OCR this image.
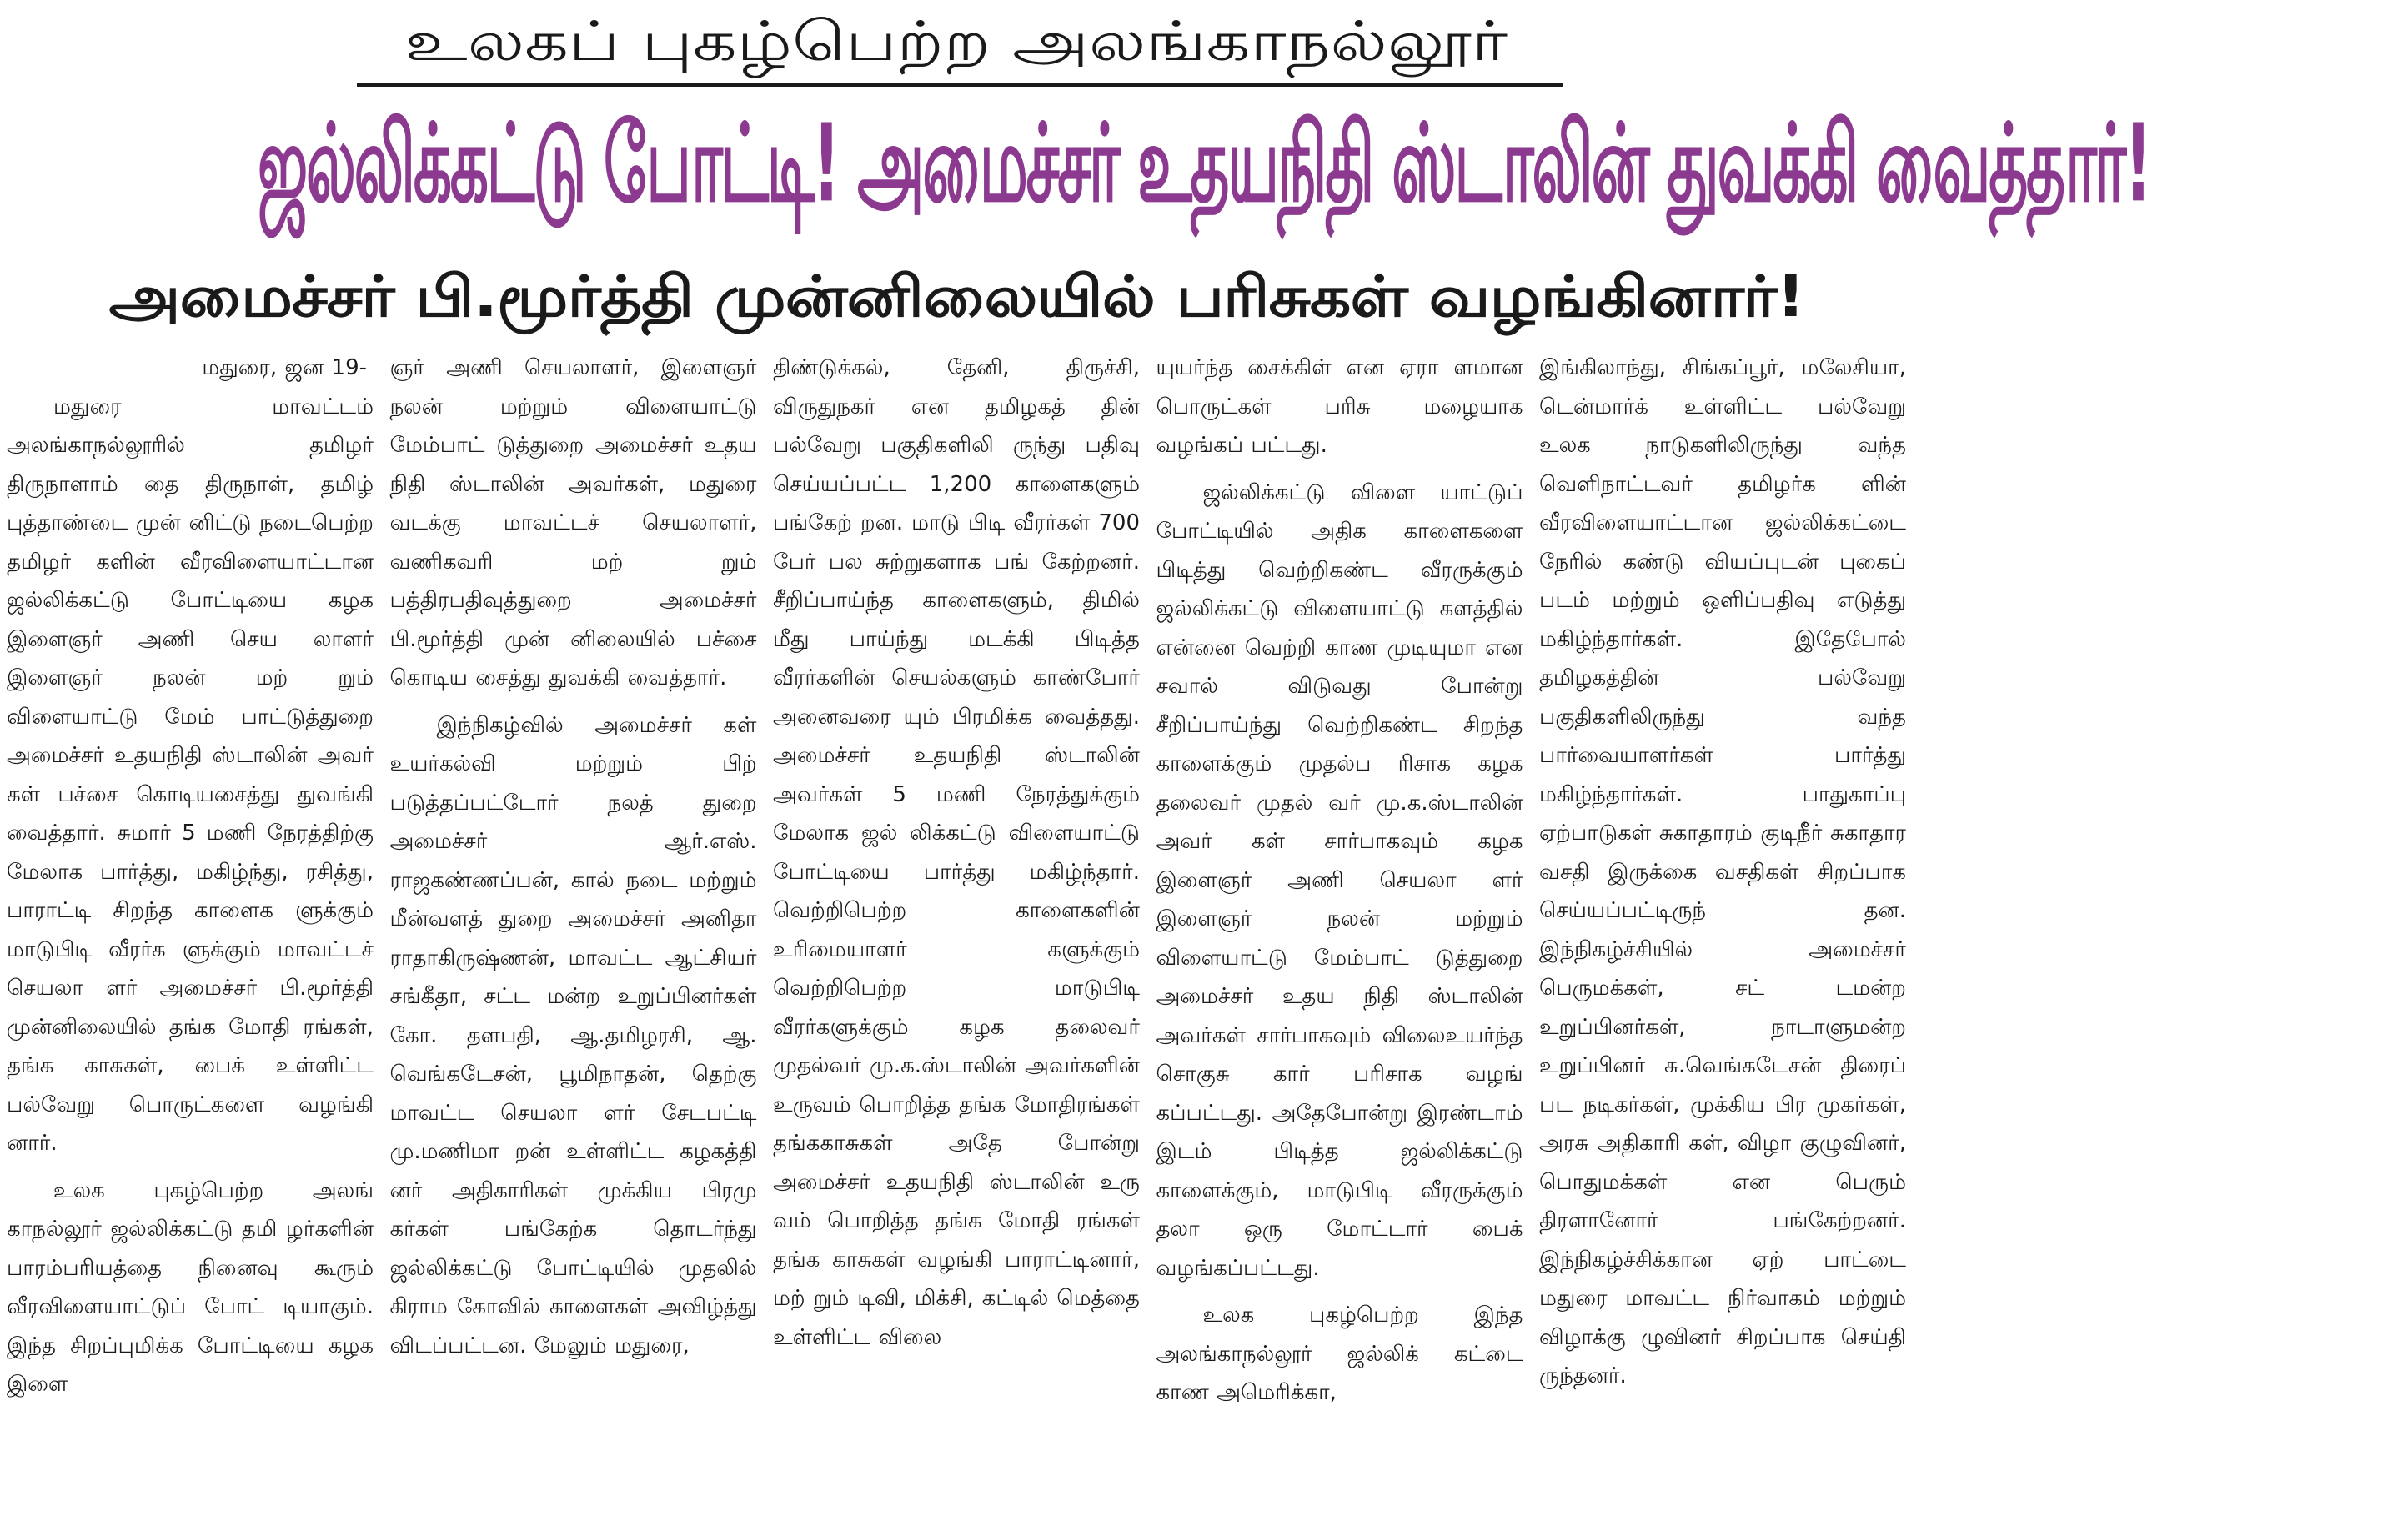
உலகப் புகழ்பெற்ற அலங்காநல்லூர்
ஜல்லிக்கட்டு போட்டி! அமைச்சர் உதயநிதி ஸ்டாலின் துவக்கி வைத்தார்!
அமைச்சர் பி.மூர்த்தி முன்னிலையில் பரிசுகள் வழங்கினார்!

மதுரை, ஜன 19-

மதுரை மாவட்டம் அலங்காநல்லூரில் தமிழர் திருநாளாம் தை திருநாள், தமிழ் புத்தாண்டை முன் னிட்டு நடைபெற்ற தமிழர் களின் வீரவிளையாட்டான ஜல்லிக்கட்டு போட்டியை கழக இளைஞர் அணி செய லாளர் இளைஞர் நலன் மற் றும் விளையாட்டு மேம் பாட்டுத்துறை அமைச்சர் உதயநிதி ஸ்டாலின் அவர் கள் பச்சை கொடியசைத்து துவங்கி வைத்தார். சுமார் 5 மணி நேரத்திற்கு மேலாக பார்த்து, மகிழ்ந்து, ரசித்து, பாராட்டி சிறந்த காளைக ளுக்கும் மாடுபிடி வீரர்க ளுக்கும் மாவட்டச் செயலா ளர் அமைச்சர் பி.மூர்த்தி முன்னிலையில் தங்க மோதி ரங்கள், தங்க காசுகள், பைக் உள்ளிட்ட பல்வேறு பொருட்களை வழங்கி னார்.

உலக புகழ்பெற்ற அலங் காநல்லூர் ஜல்லிக்கட்டு தமி ழர்களின் பாரம்பரியத்தை நினைவு கூரும் வீரவிளையாட்டுப் போட் டியாகும். இந்த சிறப்புமிக்க போட்டியை கழக இளை

ஞர் அணி செயலாளர், இளைஞர் நலன் மற்றும் விளையாட்டு மேம்பாட் டுத்துறை அமைச்சர் உதய நிதி ஸ்டாலின் அவர்கள், மதுரை வடக்கு மாவட்டச் செயலாளர், வணிகவரி மற் றும் பத்திரபதிவுத்துறை அமைச்சர் பி.மூர்த்தி முன் னிலையில் பச்சை கொடிய சைத்து துவக்கி வைத்தார்.

இந்நிகழ்வில் அமைச்சர் கள் உயர்கல்வி மற்றும் பிற் படுத்தப்பட்டோர் நலத் துறை அமைச்சர் ஆர்.எஸ். ராஜகண்ணப்பன், கால் நடை மற்றும் மீன்வளத் துறை அமைச்சர் அனிதா ராதாகிருஷ்ணன், மாவட்ட ஆட்சியர் சங்கீதா, சட்ட மன்ற உறுப்பினர்கள் கோ. தளபதி, ஆ.தமிழரசி, ஆ. வெங்கடேசன், பூமிநாதன், தெற்கு மாவட்ட செயலா ளர் சேடபட்டி மு.மணிமா றன் உள்ளிட்ட கழகத்தி னர் அதிகாரிகள் முக்கிய பிரமு கர்கள் பங்கேற்க தொடர்ந்து ஜல்லிக்கட்டு போட்டியில் முதலில் கிராம கோவில் காளைகள் அவிழ்த்து விடப்பட்டன. மேலும் மதுரை,

திண்டுக்கல், தேனி, திருச்சி, விருதுநகர் என தமிழகத் தின் பல்வேறு பகுதிகளிலி ருந்து பதிவு செய்யப்பட்ட 1,200 காளைகளும் பங்கேற் றன. மாடு பிடி வீரர்கள் 700 பேர் பல சுற்றுகளாக பங் கேற்றனர். சீறிப்பாய்ந்த காளைகளும், திமில் மீது பாய்ந்து மடக்கி பிடித்த வீரர்களின் செயல்களும் காண்போர் அனைவரை யும் பிரமிக்க வைத்தது. அமைச்சர் உதயநிதி ஸ்டாலின் அவர்கள் 5 மணி நேரத்துக்கும் மேலாக ஜல் லிக்கட்டு விளையாட்டு போட்டியை பார்த்து மகிழ்ந்தார். வெற்றிபெற்ற காளைகளின் உரிமையாளர் களுக்கும் வெற்றிபெற்ற மாடுபிடி வீரர்களுக்கும் கழக தலைவர் முதல்வர் மு.க.ஸ்டாலின் அவர்களின் உருவம் பொறித்த தங்க மோதிரங்கள் தங்ககாசுகள் அதே போன்று அமைச்சர் உதயநிதி ஸ்டாலின் உரு வம் பொறித்த தங்க மோதி ரங்கள் தங்க காசுகள் வழங்கி பாராட்டினார், மற் றும் டிவி, மிக்சி, கட்டில் மெத்தை உள்ளிட்ட விலை

யுயர்ந்த சைக்கிள் என ஏரா ளமான பொருட்கள் பரிசு மழையாக வழங்கப் பட்டது.

ஜல்லிக்கட்டு விளை யாட்டுப் போட்டியில் அதிக காளைகளை பிடித்து வெற்றிகண்ட வீரருக்கும் ஜல்லிக்கட்டு விளையாட்டு களத்தில் என்னை வெற்றி காண முடியுமா என சவால் விடுவது போன்று சீறிப்பாய்ந்து வெற்றிகண்ட சிறந்த காளைக்கும் முதல்ப ரிசாக கழக தலைவர் முதல் வர் மு.க.ஸ்டாலின் அவர் கள் சார்பாகவும் கழக இளைஞர் அணி செயலா ளர் இளைஞர் நலன் மற்றும் விளையாட்டு மேம்பாட் டுத்துறை அமைச்சர் உதய நிதி ஸ்டாலின் அவர்கள் சார்பாகவும் விலைஉயர்ந்த சொகுசு கார் பரிசாக வழங் கப்பட்டது. அதேபோன்று இரண்டாம் இடம் பிடித்த ஜல்லிக்கட்டு காளைக்கும், மாடுபிடி வீரருக்கும் தலா ஒரு மோட்டார் பைக் வழங்கப்பட்டது.

உலக புகழ்பெற்ற இந்த அலங்காநல்லூர் ஜல்லிக் கட்டை காண அமெரிக்கா,

இங்கிலாந்து, சிங்கப்பூர், மலேசியா, டென்மார்க் உள்ளிட்ட பல்வேறு உலக நாடுகளிலிருந்து வந்த வெளிநாட்டவர் தமிழர்க ளின் வீரவிளையாட்டான ஜல்லிக்கட்டை நேரில் கண்டு வியப்புடன் புகைப் படம் மற்றும் ஒளிப்பதிவு எடுத்து மகிழ்ந்தார்கள். இதேபோல் தமிழகத்தின் பல்வேறு பகுதிகளிலிருந்து வந்த பார்வையாளர்கள் பார்த்து மகிழ்ந்தார்கள். பாதுகாப்பு ஏற்பாடுகள் சுகாதாரம் குடிநீர் சுகாதார வசதி இருக்கை வசதிகள் சிறப்பாக செய்யப்பட்டிருந் தன. இந்நிகழ்ச்சியில் அமைச்சர் பெருமக்கள், சட் டமன்ற உறுப்பினர்கள், நாடாளுமன்ற உறுப்பினர் சு.வெங்கடேசன் திரைப் பட நடிகர்கள், முக்கிய பிர முகர்கள், அரசு அதிகாரி கள், விழா குழுவினர், பொதுமக்கள் என பெரும் திரளானோர் பங்கேற்றனர். இந்நிகழ்ச்சிக்கான ஏற் பாட்டை மதுரை மாவட்ட நிர்வாகம் மற்றும் விழாக்கு ழுவினர் சிறப்பாக செய்தி ருந்தனர்.
